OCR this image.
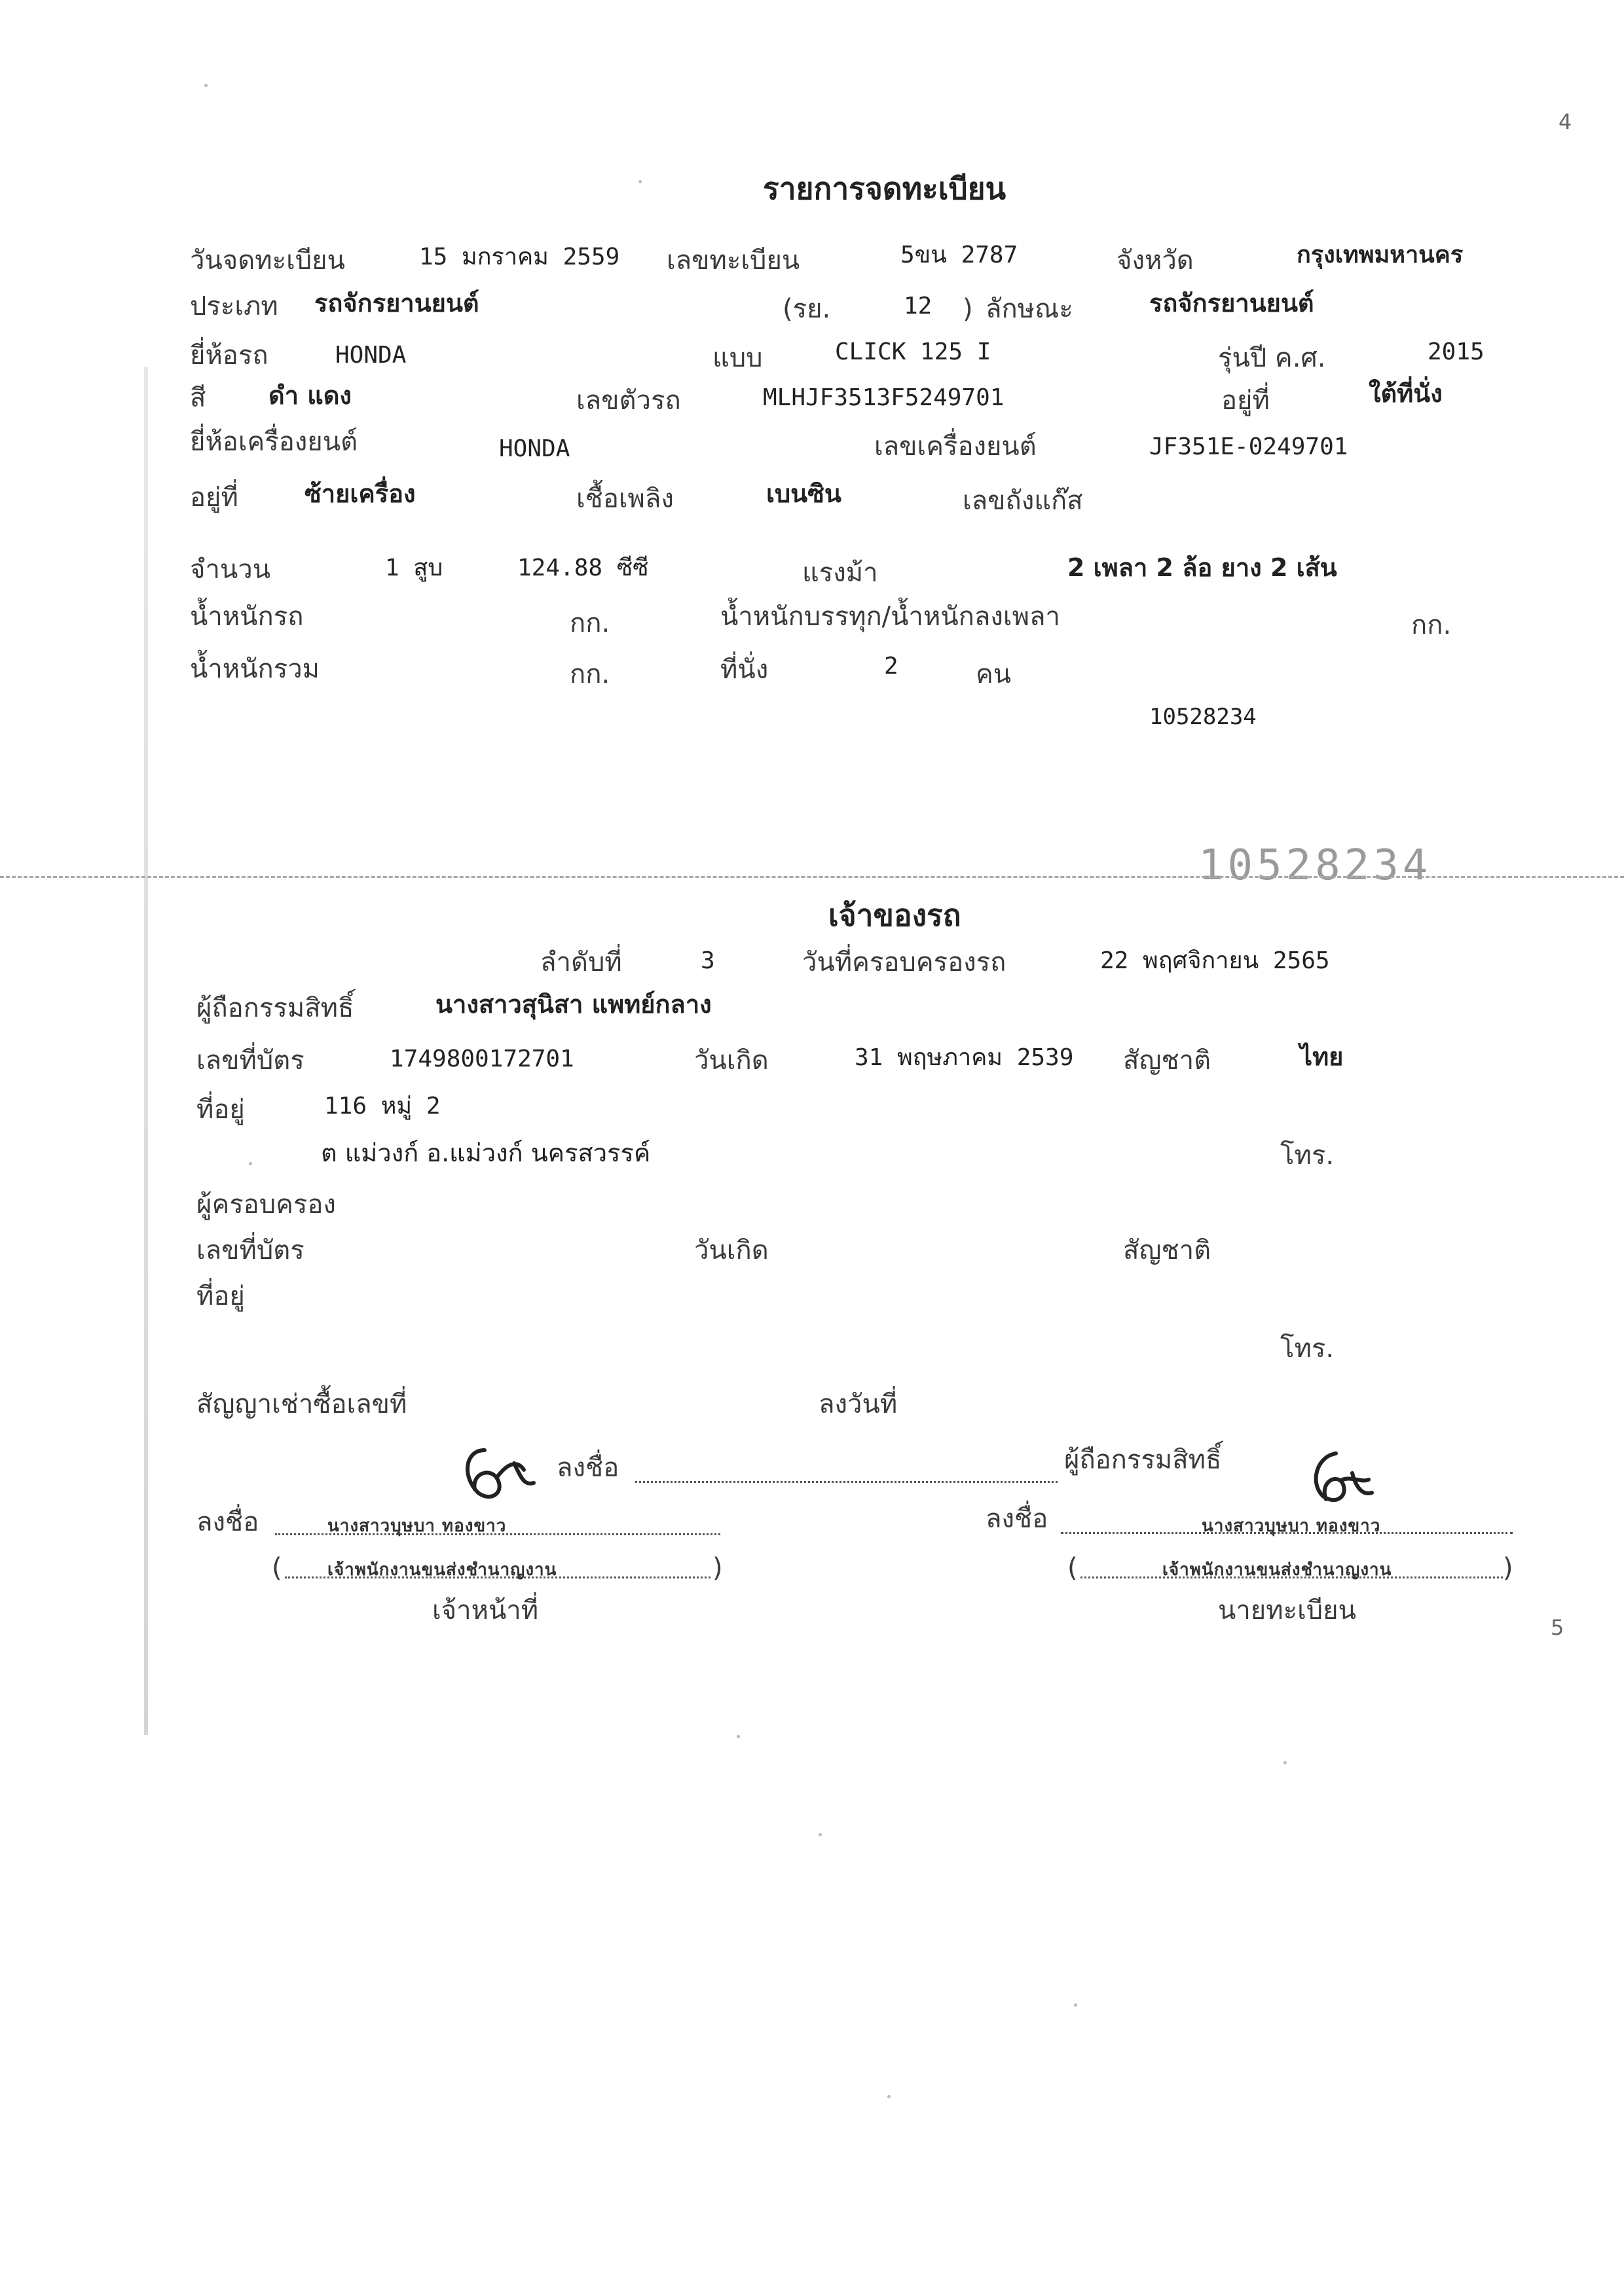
4
5
รายการจดทะเบียน
วันจดทะเบียน	15 มกราคม 2559 เลขทะเบียน	5ขน 2787	จังหวัด	กรุงเทพมหานคร
ประเภท รถจักรยานยนต์	(รย.	12 ) ลักษณะ	รถจักรยานยนต์
ยี่ห้อรถ	HONDA	แบบ	CLICK 125 I	รุ่นปี ค.ศ.	2015
สี	ดำ แดง	เลขตัวรถ	MLHJF3513F5249701	อยู่ที่	ใต้ที่นั่ง
ยี่ห้อเครื่องยนต์	HONDA	เลขเครื่องยนต์	JF351E-0249701
อยู่ที่	ซ้ายเครื่อง	เชื้อเพลิง	เบนซิน	เลขถังแก๊ส
จำนวน	1 สูบ	124.88 ซีซี	แรงม้า	2 เพลา 2 ล้อ ยาง 2 เส้น
น้ำหนักรถ	กก.	น้ำหนักบรรทุก/น้ำหนักลงเพลา	กก.
น้ำหนักรวม	กก.	ที่นั่ง	2	คน
10528234
10528234
เจ้าของรถ
ลำดับที่	3	วันที่ครอบครองรถ	22 พฤศจิกายน 2565
ผู้ถือกรรมสิทธิ์	นางสาวสุนิสา แพทย์กลาง
เลขที่บัตร	1749800172701	วันเกิด	31 พฤษภาคม 2539 สัญชาติ	ไทย
ที่อยู่	116 หมู่ 2
ต แม่วงก์ อ.แม่วงก์ นครสวรรค์	โทร.
ผู้ครอบครอง
เลขที่บัตร	วันเกิด	สัญชาติ
ที่อยู่
โทร.
สัญญาเช่าซื้อเลขที่	ลงวันที่
ลงชื่อ	ผู้ถือกรรมสิทธิ์
ลงชื่อ	นางสาวบุษบา ทองขาว
(	เจ้าพนักงานขนส่งชำนาญงาน	)
เจ้าหน้าที่
ลงชื่อ	นางสาวบุษบา ทองขาว
(	เจ้าพนักงานขนส่งชำนาญงาน	)
นายทะเบียน
